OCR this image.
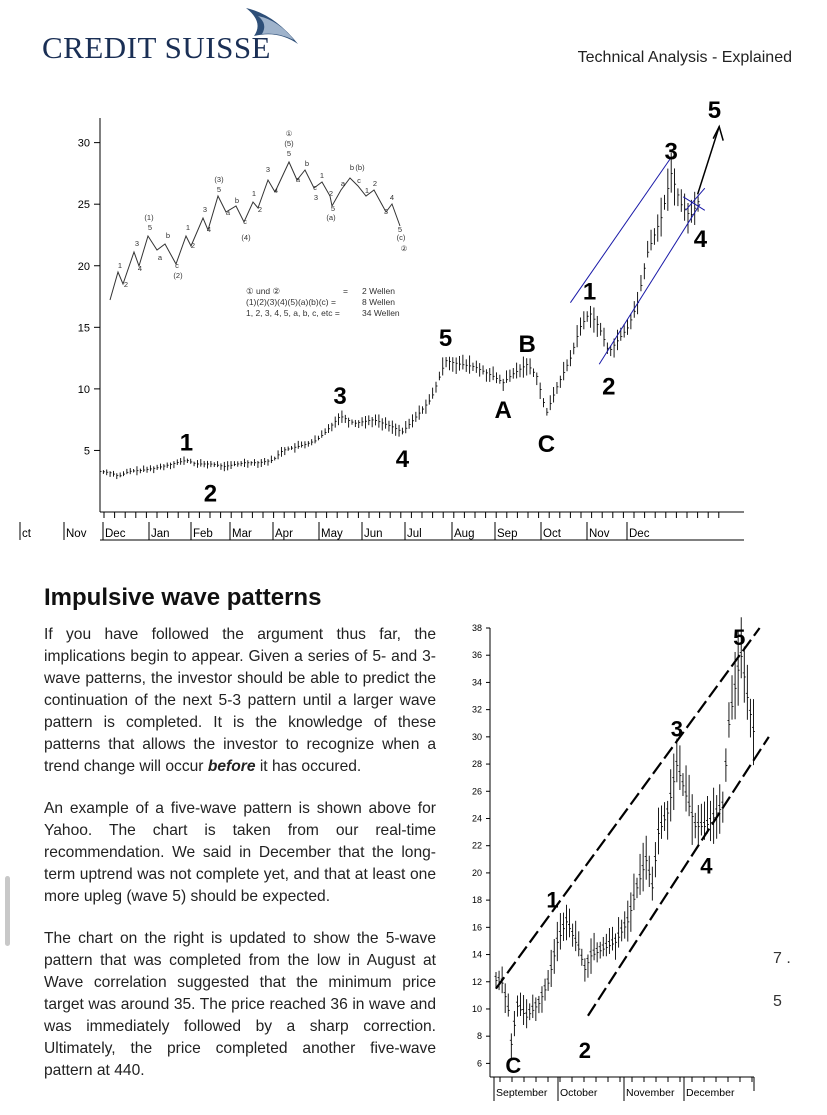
CREDIT SUISSE	Technical Analysis - Explained
5
10
15
20
25
30
ct	Nov Dec Jan Feb Mar Apr May Jun Jul	Aug Sep Oct Nov Dec
1
2
3
4
5
(1)
a
b
c
(2)
1
2
3
4
5
(3)
a
b
c
(4)
1
2
3
4
5
(5)
①
a
b
c
1
2
3
(a)
5
a
b (b)
c
1
2
3
4
5
(c)
②
① und ②	= 2 Wellen
(1)(2)(3)(4)(5)(a)(b)(c) =	8 Wellen
1, 2, 3, 4, 5, a, b, c, etc =	34 Wellen
1
2
3
4
5
A
B
C
1
2
3
4
5
Impulsive wave patterns

If you have followed the argument thus far, the implications begin to appear. Given a series of 5- and 3-wave patterns, the investor should be able to predict the continuation of the next 5-3 pattern until a larger wave pattern is completed. It is the knowledge of these patterns that allows the investor to recognize when a trend change will occur before it has occured.

An example of a five-wave pattern is shown above for Yahoo. The chart is taken from our real-time recommendation. We said in December that the long-term uptrend was not complete yet, and that at least one more upleg (wave 5) should be expected.

The chart on the right is updated to show the 5-wave pattern that was completed from the low in August at Wave correlation suggested that the minimum price target was around 35. The price reached 36 in wave and was immediately followed by a sharp correction. Ultimately, the price completed another five-wave pattern at 440.	6
8
10
12
14
16
18
20
22
24
26
28
30
32
34
36
38
September October	November December
C
1
2
3
4
5
7 .
5
